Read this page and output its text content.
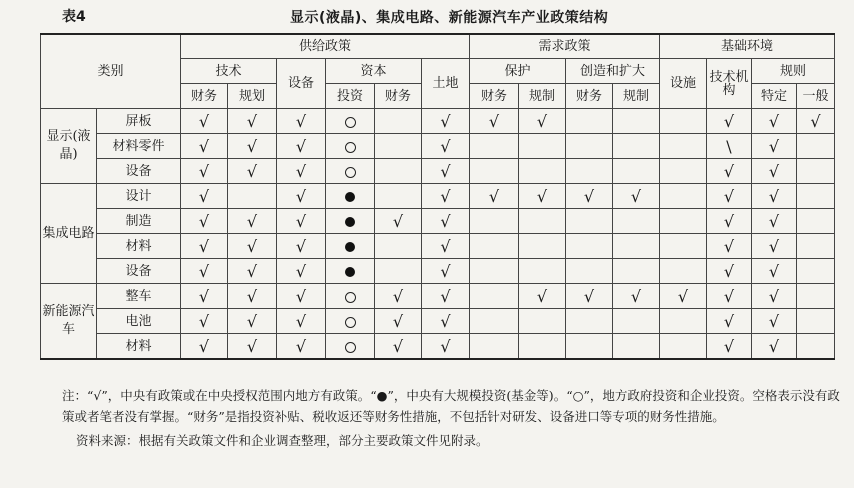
表4	显示(液晶)、集成电路、新能源汽车产业政策结构
类别		供给政策						需求政策				基础环境			
		技术		设备	资本		土地	保护		创造和扩大		设施	技术机构	规则	
		财务	规划		投资	财务		财务	规制	财务	规制			特定	一般
显示(液晶)	屏板	√	√	√			√	√	√				√	√	√
	材料零件	√	√	√			√						\	√	
	设备	√	√	√			√						√	√	
集成电路	设计	√		√			√	√	√	√	√		√	√	
	制造	√	√	√		√	√						√	√	
	材料	√	√	√			√						√	√	
	设备	√	√	√			√						√	√	
新能源汽车	整车	√	√	√		√	√		√	√	√	√	√	√	
	电池	√	√	√		√	√						√	√	
	材料	√	√	√		√	√						√	√	

注：“√”，中央有政策或在中央授权范围内地方有政策。“●”，中央有大规模投资(基金等)。“○”，地方政府投资和企业投资。空格表示没有政策或者笔者没有掌握。“财务”是指投资补贴、税收返还等财务性措施，不包括针对研发、设备进口等专项的财务性措施。

资料来源：根据有关政策文件和企业调查整理，部分主要政策文件见附录。
